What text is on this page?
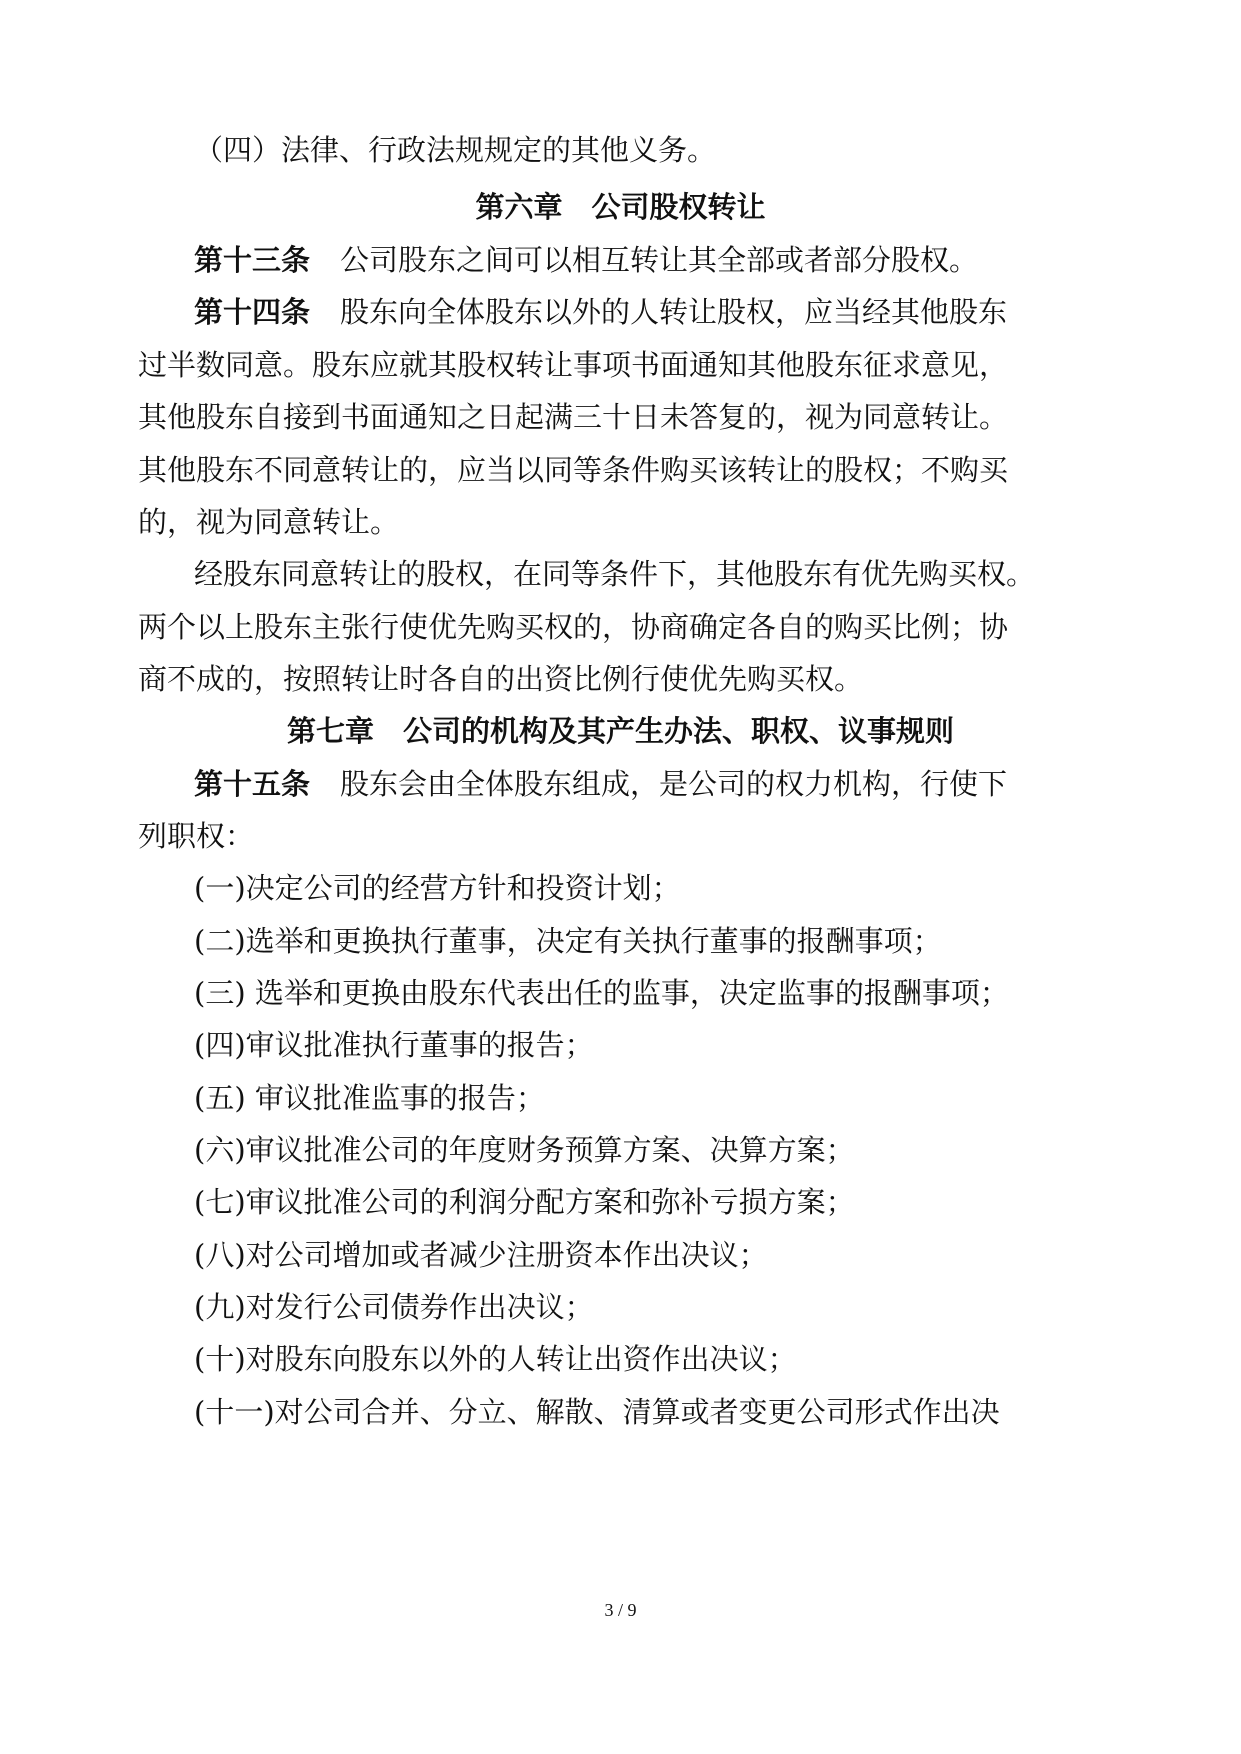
（四）法律、行政法规规定的其他义务。

第六章　公司股权转让

第十三条 公司股东之间可以相互转让其全部或者部分股权。

第十四条 股东向全体股东以外的人转让股权，应当经其他股东

过半数同意。股东应就其股权转让事项书面通知其他股东征求意见，

其他股东自接到书面通知之日起满三十日未答复的，视为同意转让。

其他股东不同意转让的，应当以同等条件购买该转让的股权；不购买

的，视为同意转让。

经股东同意转让的股权，在同等条件下，其他股东有优先购买权。

两个以上股东主张行使优先购买权的，协商确定各自的购买比例；协

商不成的，按照转让时各自的出资比例行使优先购买权。

第七章　公司的机构及其产生办法、职权、议事规则

第十五条 股东会由全体股东组成，是公司的权力机构，行使下

列职权：

(一)决定公司的经营方针和投资计划；

(二)选举和更换执行董事，决定有关执行董事的报酬事项；

(三) 选举和更换由股东代表出任的监事，决定监事的报酬事项；

(四)审议批准执行董事的报告；

(五) 审议批准监事的报告；

(六)审议批准公司的年度财务预算方案、决算方案；

(七)审议批准公司的利润分配方案和弥补亏损方案；

(八)对公司增加或者减少注册资本作出决议；

(九)对发行公司债券作出决议；

(十)对股东向股东以外的人转让出资作出决议；

(十一)对公司合并、分立、解散、清算或者变更公司形式作出决

3 / 9
